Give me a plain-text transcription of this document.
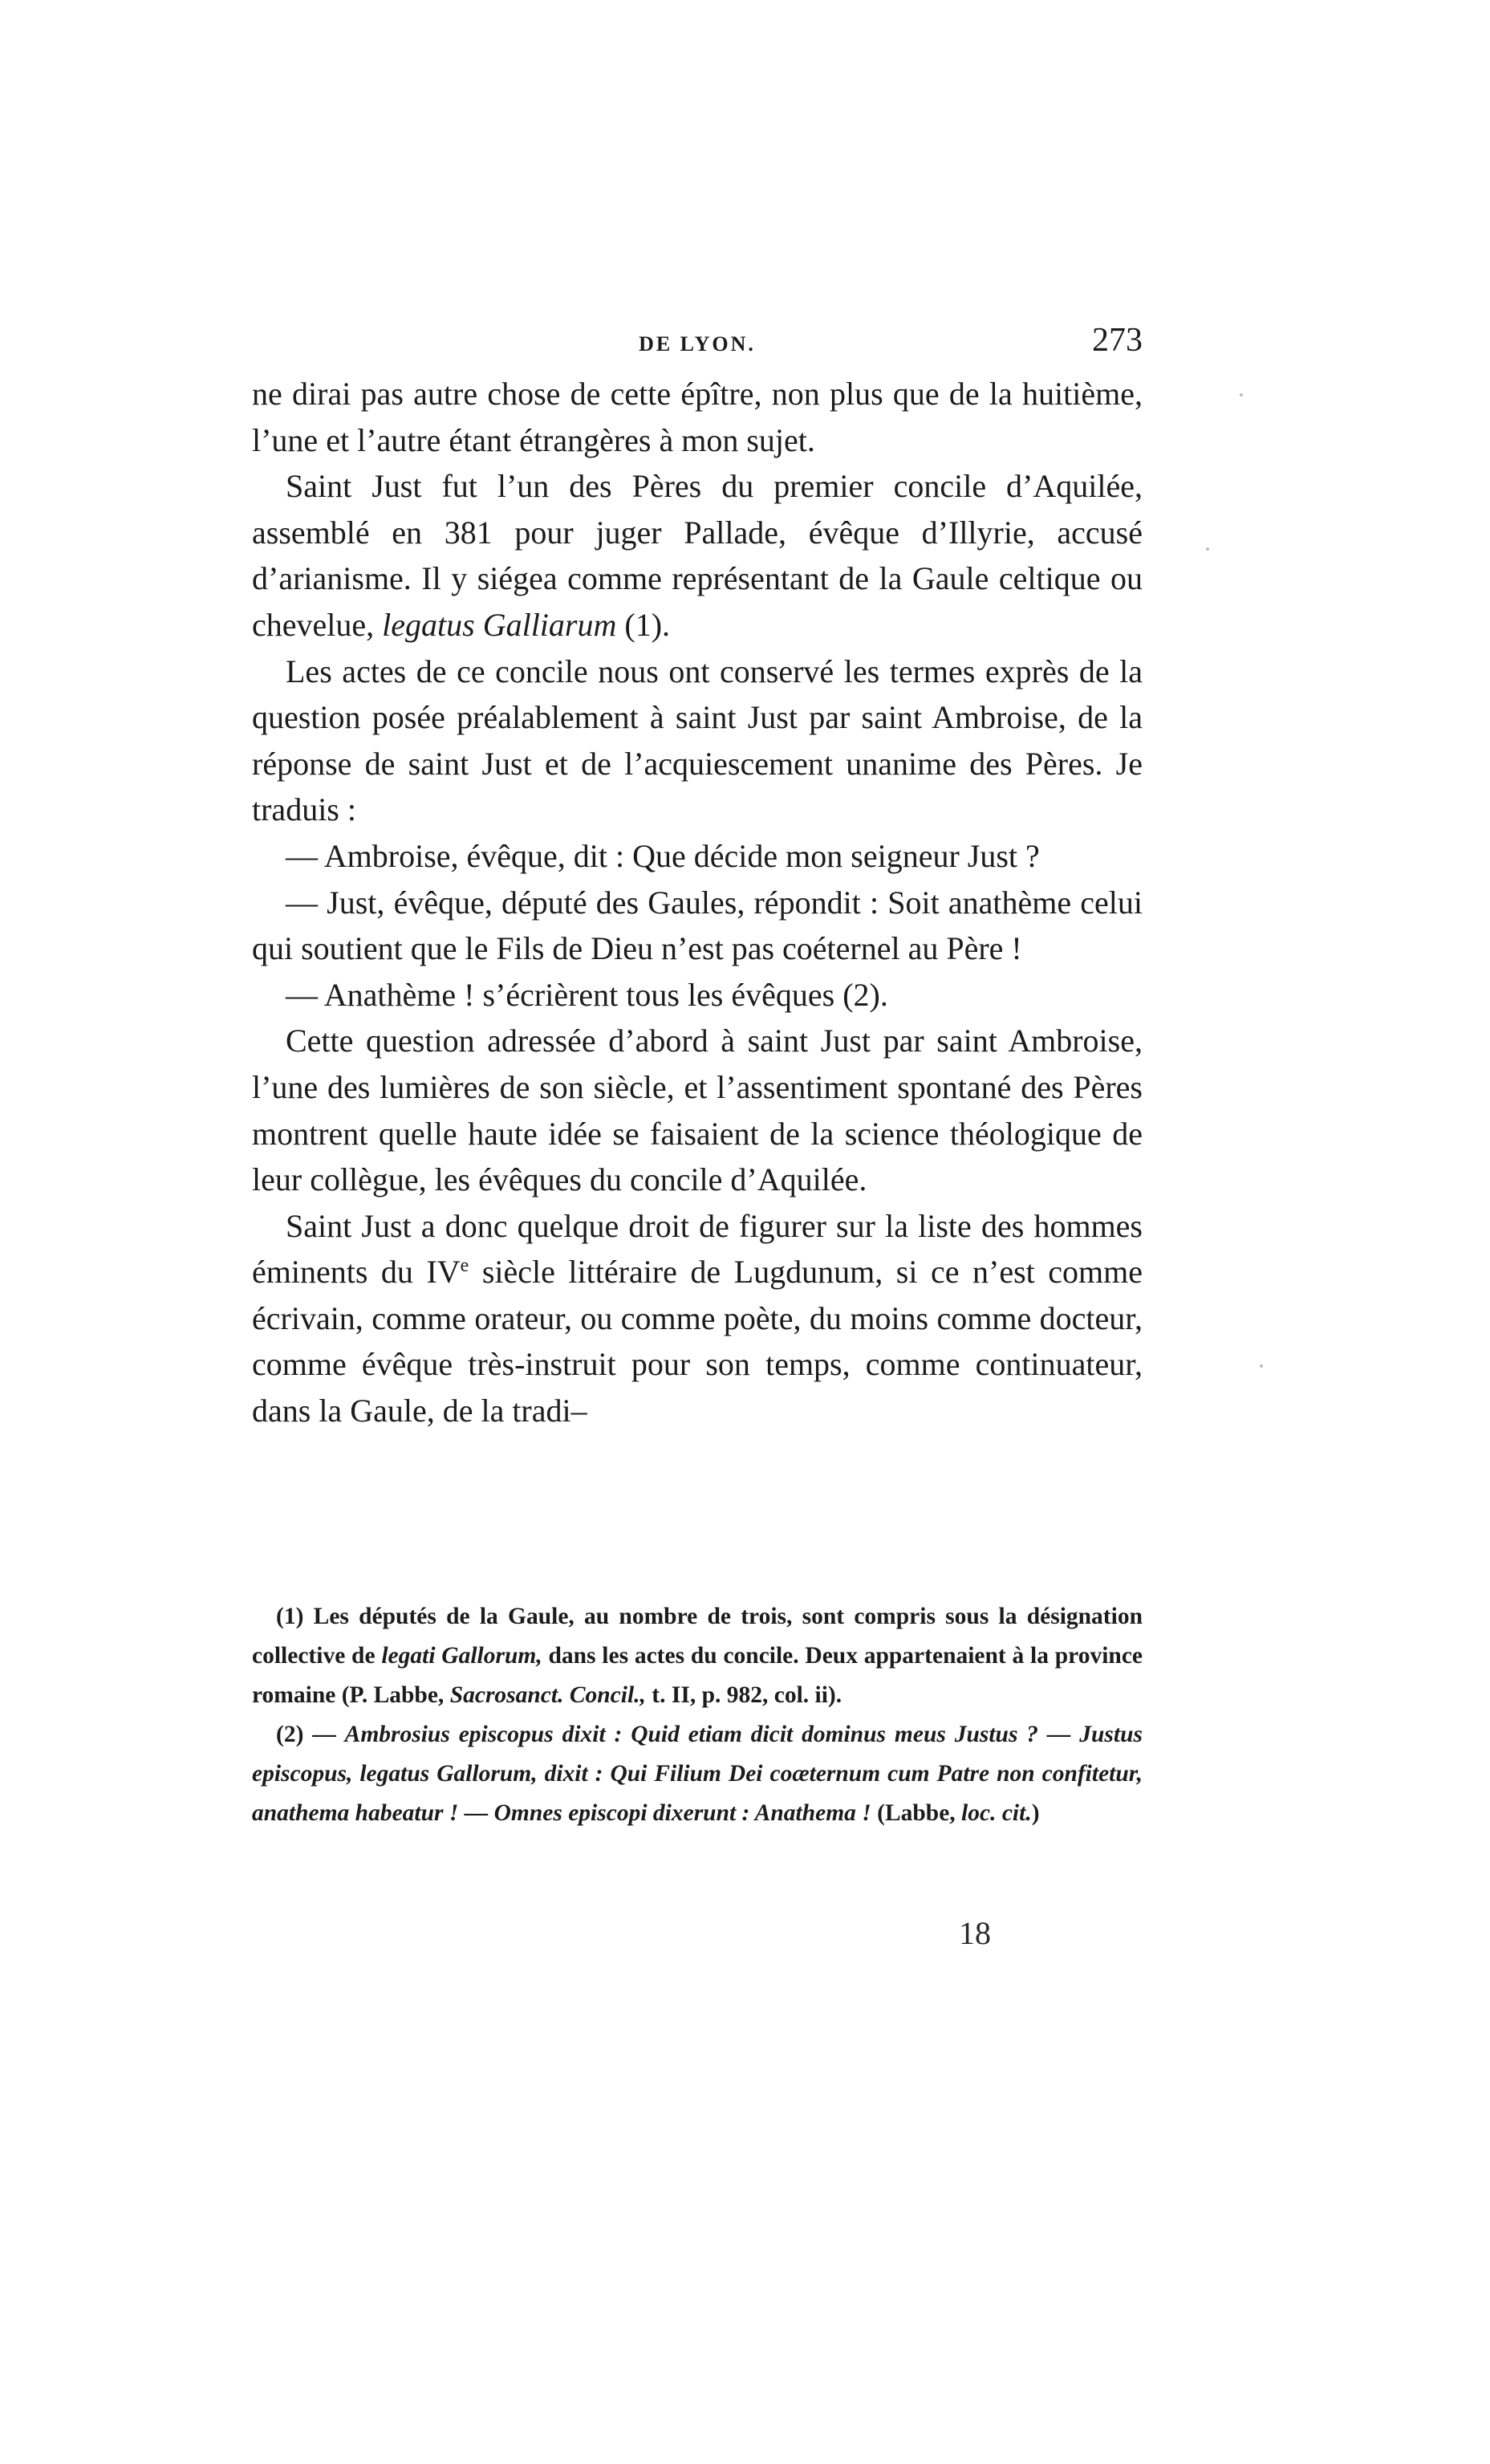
DE LYON.	273

ne dirai pas autre chose de cette épître, non plus que de la huitième, l’une et l’autre étant étrangères à mon sujet.

Saint Just fut l’un des Pères du premier concile d’Aquilée, assemblé en 381 pour juger Pallade, évêque d’Illyrie, accusé d’arianisme. Il y siégea comme représentant de la Gaule celtique ou chevelue, legatus Galliarum (1).

Les actes de ce concile nous ont conservé les termes exprès de la question posée préalablement à saint Just par saint Ambroise, de la réponse de saint Just et de l’acquiescement unanime des Pères. Je traduis :

— Ambroise, évêque, dit : Que décide mon seigneur Just ?

— Just, évêque, député des Gaules, répondit : Soit anathème celui qui soutient que le Fils de Dieu n’est pas coéternel au Père !

— Anathème ! s’écrièrent tous les évêques (2).

Cette question adressée d’abord à saint Just par saint Ambroise, l’une des lumières de son siècle, et l’assentiment spontané des Pères montrent quelle haute idée se faisaient de la science théologique de leur collègue, les évêques du concile d’Aquilée.

Saint Just a donc quelque droit de figurer sur la liste des hommes éminents du IVe siècle littéraire de Lugdunum, si ce n’est comme écrivain, comme orateur, ou comme poète, du moins comme docteur, comme évêque très-instruit pour son temps, comme continuateur, dans la Gaule, de la tradi–

(1) Les députés de la Gaule, au nombre de trois, sont compris sous la désignation collective de legati Gallorum, dans les actes du concile. Deux appartenaient à la province romaine (P. Labbe, Sacrosanct. Concil., t. II, p. 982, col. ii).

(2) — Ambrosius episcopus dixit : Quid etiam dicit dominus meus Justus ? — Justus episcopus, legatus Gallorum, dixit : Qui Filium Dei coæternum cum Patre non confitetur, anathema habeatur ! — Omnes episcopi dixerunt : Anathema ! (Labbe, loc. cit.)

18
